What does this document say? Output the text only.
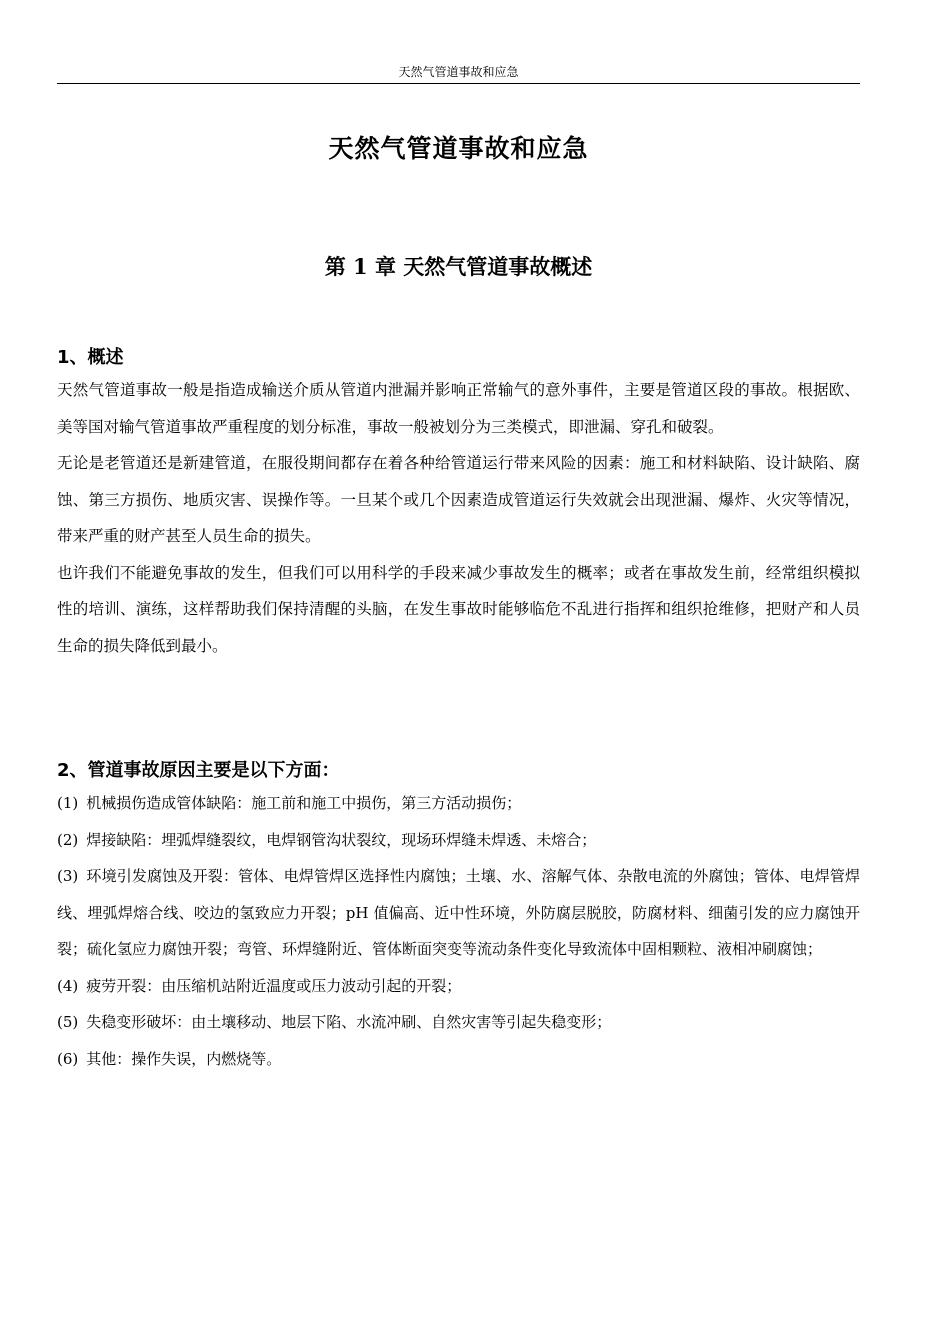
天然气管道事故和应急
天然气管道事故和应急
第 1 章 天然气管道事故概述
1、概述

天然气管道事故一般是指造成输送介质从管道内泄漏并影响正常输气的意外事件，主要是管道区段的事故。根据欧、美等国对输气管道事故严重程度的划分标准，事故一般被划分为三类模式，即泄漏、穿孔和破裂。

无论是老管道还是新建管道，在服役期间都存在着各种给管道运行带来风险的因素：施工和材料缺陷、设计缺陷、腐蚀、第三方损伤、地质灾害、误操作等。一旦某个或几个因素造成管道运行失效就会出现泄漏、爆炸、火灾等情况，带来严重的财产甚至人员生命的损失。

也许我们不能避免事故的发生，但我们可以用科学的手段来减少事故发生的概率；或者在事故发生前，经常组织模拟性的培训、演练，这样帮助我们保持清醒的头脑，在发生事故时能够临危不乱进行指挥和组织抢维修，把财产和人员生命的损失降低到最小。

2、管道事故原因主要是以下方面：
(1) 机械损伤造成管体缺陷：施工前和施工中损伤，第三方活动损伤；
(2) 焊接缺陷：埋弧焊缝裂纹，电焊钢管沟状裂纹，现场环焊缝未焊透、未熔合；
(3) 环境引发腐蚀及开裂：管体、电焊管焊区选择性内腐蚀；土壤、水、溶解气体、杂散电流的外腐蚀；管体、电焊管焊线、埋弧焊熔合线、咬边的氢致应力开裂；pH 值偏高、近中性环境，外防腐层脱胶，防腐材料、细菌引发的应力腐蚀开裂；硫化氢应力腐蚀开裂；弯管、环焊缝附近、管体断面突变等流动条件变化导致流体中固相颗粒、液相冲刷腐蚀；
(4) 疲劳开裂：由压缩机站附近温度或压力波动引起的开裂；
(5) 失稳变形破坏：由土壤移动、地层下陷、水流冲刷、自然灾害等引起失稳变形；
(6) 其他：操作失误，内燃烧等。
